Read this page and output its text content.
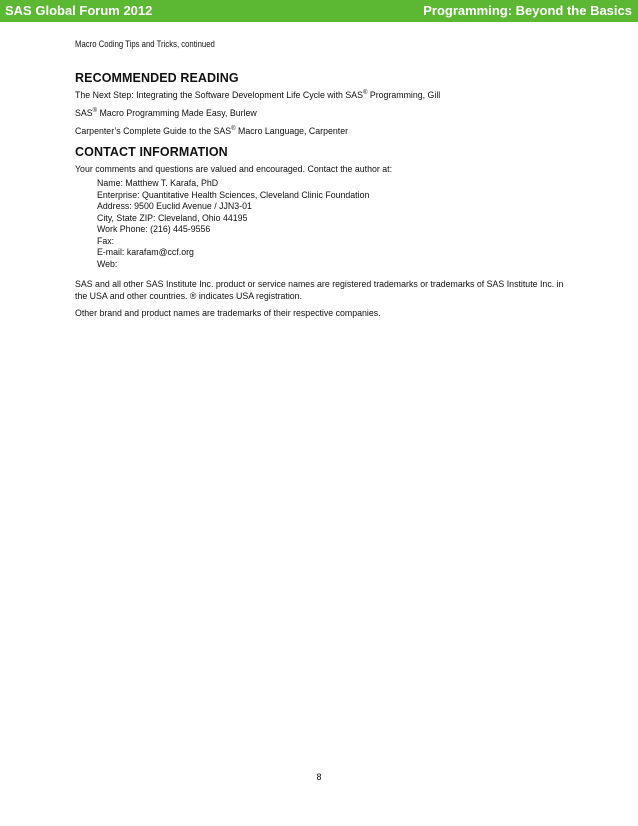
SAS Global Forum 2012	Programming: Beyond the Basics
Macro Coding Tips and Tricks, continued
RECOMMENDED READING

The Next Step: Integrating the Software Development Life Cycle with SAS® Programming, Gill

SAS® Macro Programming Made Easy, Burlew

Carpenter’s Complete Guide to the SAS® Macro Language, Carpenter

CONTACT INFORMATION

Your comments and questions are valued and encouraged. Contact the author at:

Name: Matthew T. Karafa, PhD

Enterprise: Quantitative Health Sciences, Cleveland Clinic Foundation

Address: 9500 Euclid Avenue / JJN3-01

City, State ZIP: Cleveland, Ohio 44195

Work Phone: (216) 445-9556

Fax:

E-mail: karafam@ccf.org

Web:

SAS and all other SAS Institute Inc. product or service names are registered trademarks or trademarks of SAS Institute Inc. in the USA and other countries. ® indicates USA registration.

Other brand and product names are trademarks of their respective companies.

8
